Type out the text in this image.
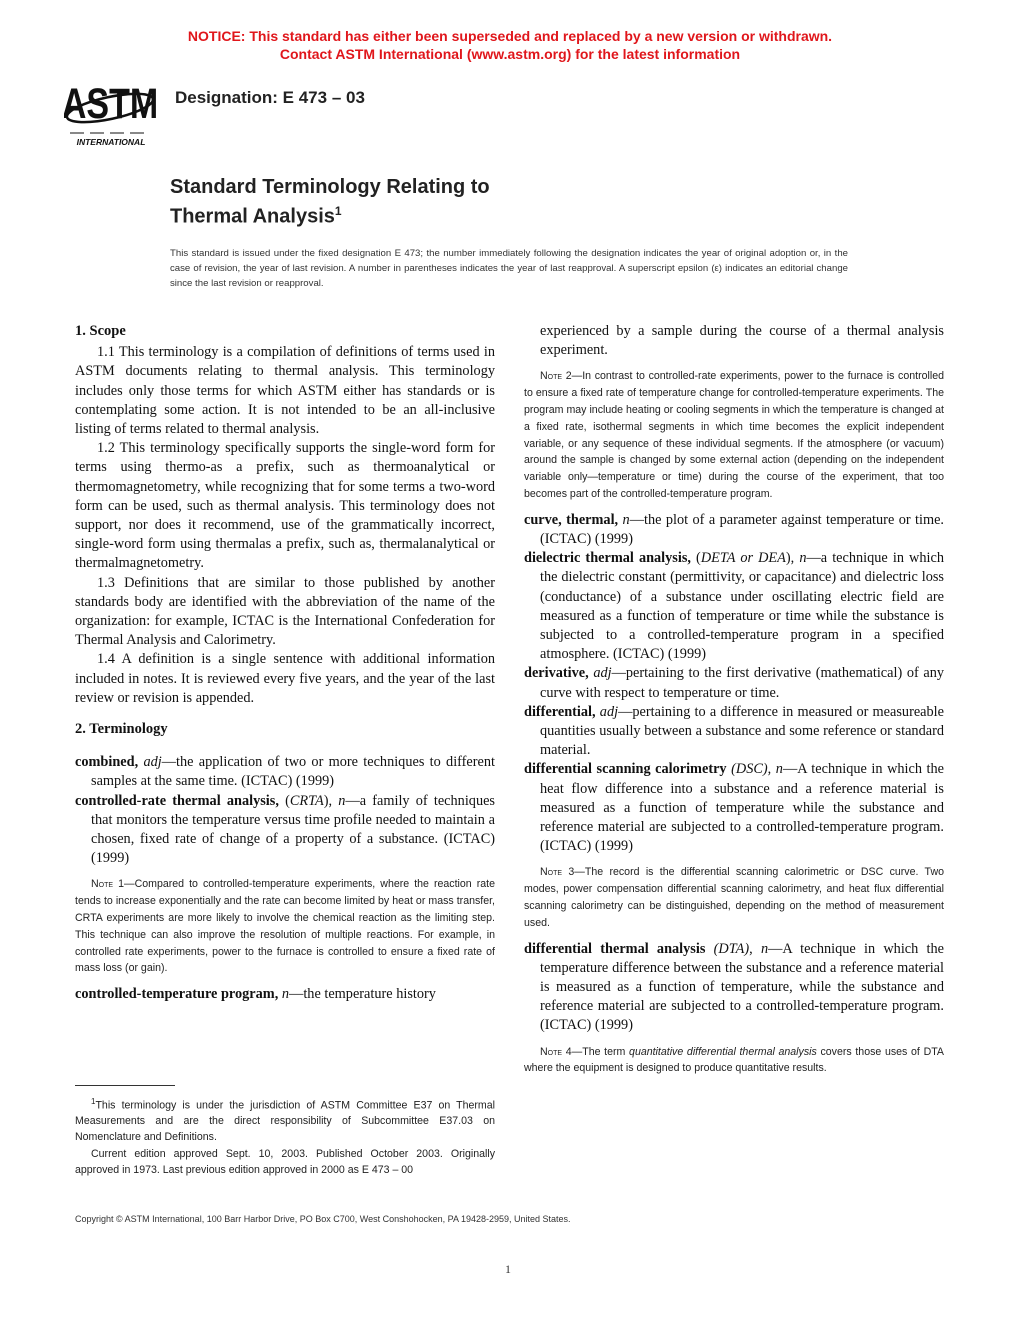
NOTICE: This standard has either been superseded and replaced by a new version or withdrawn.
Contact ASTM International (www.astm.org) for the latest information
ASTM
INTERNATIONAL
Designation: E 473 – 03
Standard Terminology Relating to
Thermal Analysis$^1$
This standard is issued under the fixed designation E 473; the number immediately following the designation indicates the year of original adoption or, in the case of revision, the year of last revision. A number in parentheses indicates the year of last reapproval. A superscript epsilon (ε) indicates an editorial change since the last revision or reapproval.

1. Scope

1.1 This terminology is a compilation of definitions of terms used in ASTM documents relating to thermal analysis. This terminology includes only those terms for which ASTM either has standards or is contemplating some action. It is not intended to be an all-inclusive listing of terms related to thermal analysis.

1.2 This terminology specifically supports the single-word form for terms using thermo-as a prefix, such as thermoanalytical or thermomagnetometry, while recognizing that for some terms a two-word form can be used, such as thermal analysis. This terminology does not support, nor does it recommend, use of the grammatically incorrect, single-word form using thermalas a prefix, such as, thermalanalytical or thermalmagnetometry.

1.3 Definitions that are similar to those published by another standards body are identified with the abbreviation of the name of the organization: for example, ICTAC is the International Confederation for Thermal Analysis and Calorimetry.

1.4 A definition is a single sentence with additional information included in notes. It is reviewed every five years, and the year of the last review or revision is appended.

2. Terminology

combined, adj—the application of two or more techniques to different samples at the same time. (ICTAC) (1999)

controlled-rate thermal analysis, (CRTA), n—a family of techniques that monitors the temperature versus time profile needed to maintain a chosen, fixed rate of change of a property of a substance. (ICTAC) (1999)

Note 1—Compared to controlled-temperature experiments, where the reaction rate tends to increase exponentially and the rate can become limited by heat or mass transfer, CRTA experiments are more likely to involve the chemical reaction as the limiting step. This technique can also improve the resolution of multiple reactions. For example, in controlled rate experiments, power to the furnace is controlled to ensure a fixed rate of mass loss (or gain).

controlled-temperature program, n—the temperature history

$^1$This terminology is under the jurisdiction of ASTM Committee E37 on Thermal Measurements and are the direct responsibility of Subcommittee E37.03 on Nomenclature and Definitions.

Current edition approved Sept. 10, 2003. Published October 2003. Originally approved in 1973. Last previous edition approved in 2000 as E 473 – 00

experienced by a sample during the course of a thermal analysis experiment.

Note 2—In contrast to controlled-rate experiments, power to the furnace is controlled to ensure a fixed rate of temperature change for controlled-temperature experiments. The program may include heating or cooling segments in which the temperature is changed at a fixed rate, isothermal segments in which time becomes the explicit independent variable, or any sequence of these individual segments. If the atmosphere (or vacuum) around the sample is changed by some external action (depending on the independent variable only—temperature or time) during the course of the experiment, that too becomes part of the controlled-temperature program.

curve, thermal, n—the plot of a parameter against temperature or time. (ICTAC) (1999)

dielectric thermal analysis, (DETA or DEA), n—a technique in which the dielectric constant (permittivity, or capacitance) and dielectric loss (conductance) of a substance under oscillating electric field are measured as a function of temperature or time while the substance is subjected to a controlled-temperature program in a specified atmosphere. (ICTAC) (1999)

derivative, adj—pertaining to the first derivative (mathematical) of any curve with respect to temperature or time.

differential, adj—pertaining to a difference in measured or measureable quantities usually between a substance and some reference or standard material.

differential scanning calorimetry (DSC), n—A technique in which the heat flow difference into a substance and a reference material is measured as a function of temperature while the substance and reference material are subjected to a controlled-temperature program. (ICTAC) (1999)

Note 3—The record is the differential scanning calorimetric or DSC curve. Two modes, power compensation differential scanning calorimetry, and heat flux differential scanning calorimetry can be distinguished, depending on the method of measurement used.

differential thermal analysis (DTA), n—A technique in which the temperature difference between the substance and a reference material is measured as a function of temperature, while the substance and reference material are subjected to a controlled-temperature program. (ICTAC) (1999)

Note 4—The term quantitative differential thermal analysis covers those uses of DTA where the equipment is designed to produce quantitative results.

Copyright © ASTM International, 100 Barr Harbor Drive, PO Box C700, West Conshohocken, PA 19428-2959, United States.
1
